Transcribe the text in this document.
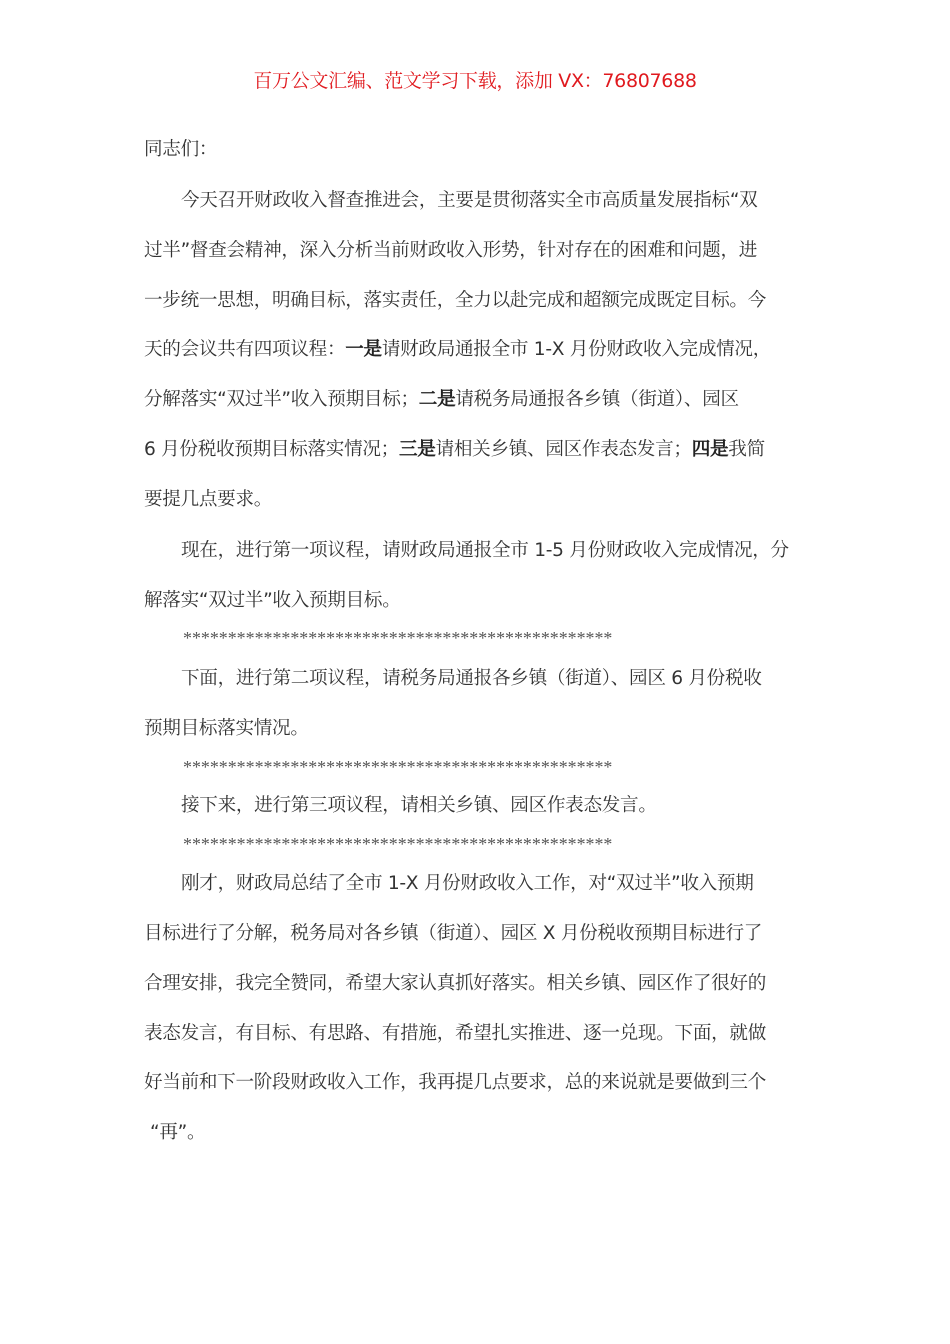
百万公文汇编、范文学习下载，添加 VX：76807688
同志们：
今天召开财政收入督查推进会，主要是贯彻落实全市高质量发展指标“双
过半”督查会精神，深入分析当前财政收入形势，针对存在的困难和问题，进
一步统一思想，明确目标，落实责任，全力以赴完成和超额完成既定目标。今
天的会议共有四项议程：一是请财政局通报全市 1-X 月份财政收入完成情况，
分解落实“双过半”收入预期目标；二是请税务局通报各乡镇（街道）、园区
6 月份税收预期目标落实情况；三是请相关乡镇、园区作表态发言；四是我简
要提几点要求。
现在，进行第一项议程，请财政局通报全市 1-5 月份财政收入完成情况，分
解落实“双过半”收入预期目标。
************************************************
下面，进行第二项议程，请税务局通报各乡镇（街道）、园区 6 月份税收
预期目标落实情况。
************************************************
接下来，进行第三项议程，请相关乡镇、园区作表态发言。
************************************************
刚才，财政局总结了全市 1-X 月份财政收入工作，对“双过半”收入预期
目标进行了分解，税务局对各乡镇（街道）、园区 X 月份税收预期目标进行了
合理安排，我完全赞同，希望大家认真抓好落实。相关乡镇、园区作了很好的
表态发言，有目标、有思路、有措施，希望扎实推进、逐一兑现。下面，就做
好当前和下一阶段财政收入工作，我再提几点要求，总的来说就是要做到三个
“再”。
